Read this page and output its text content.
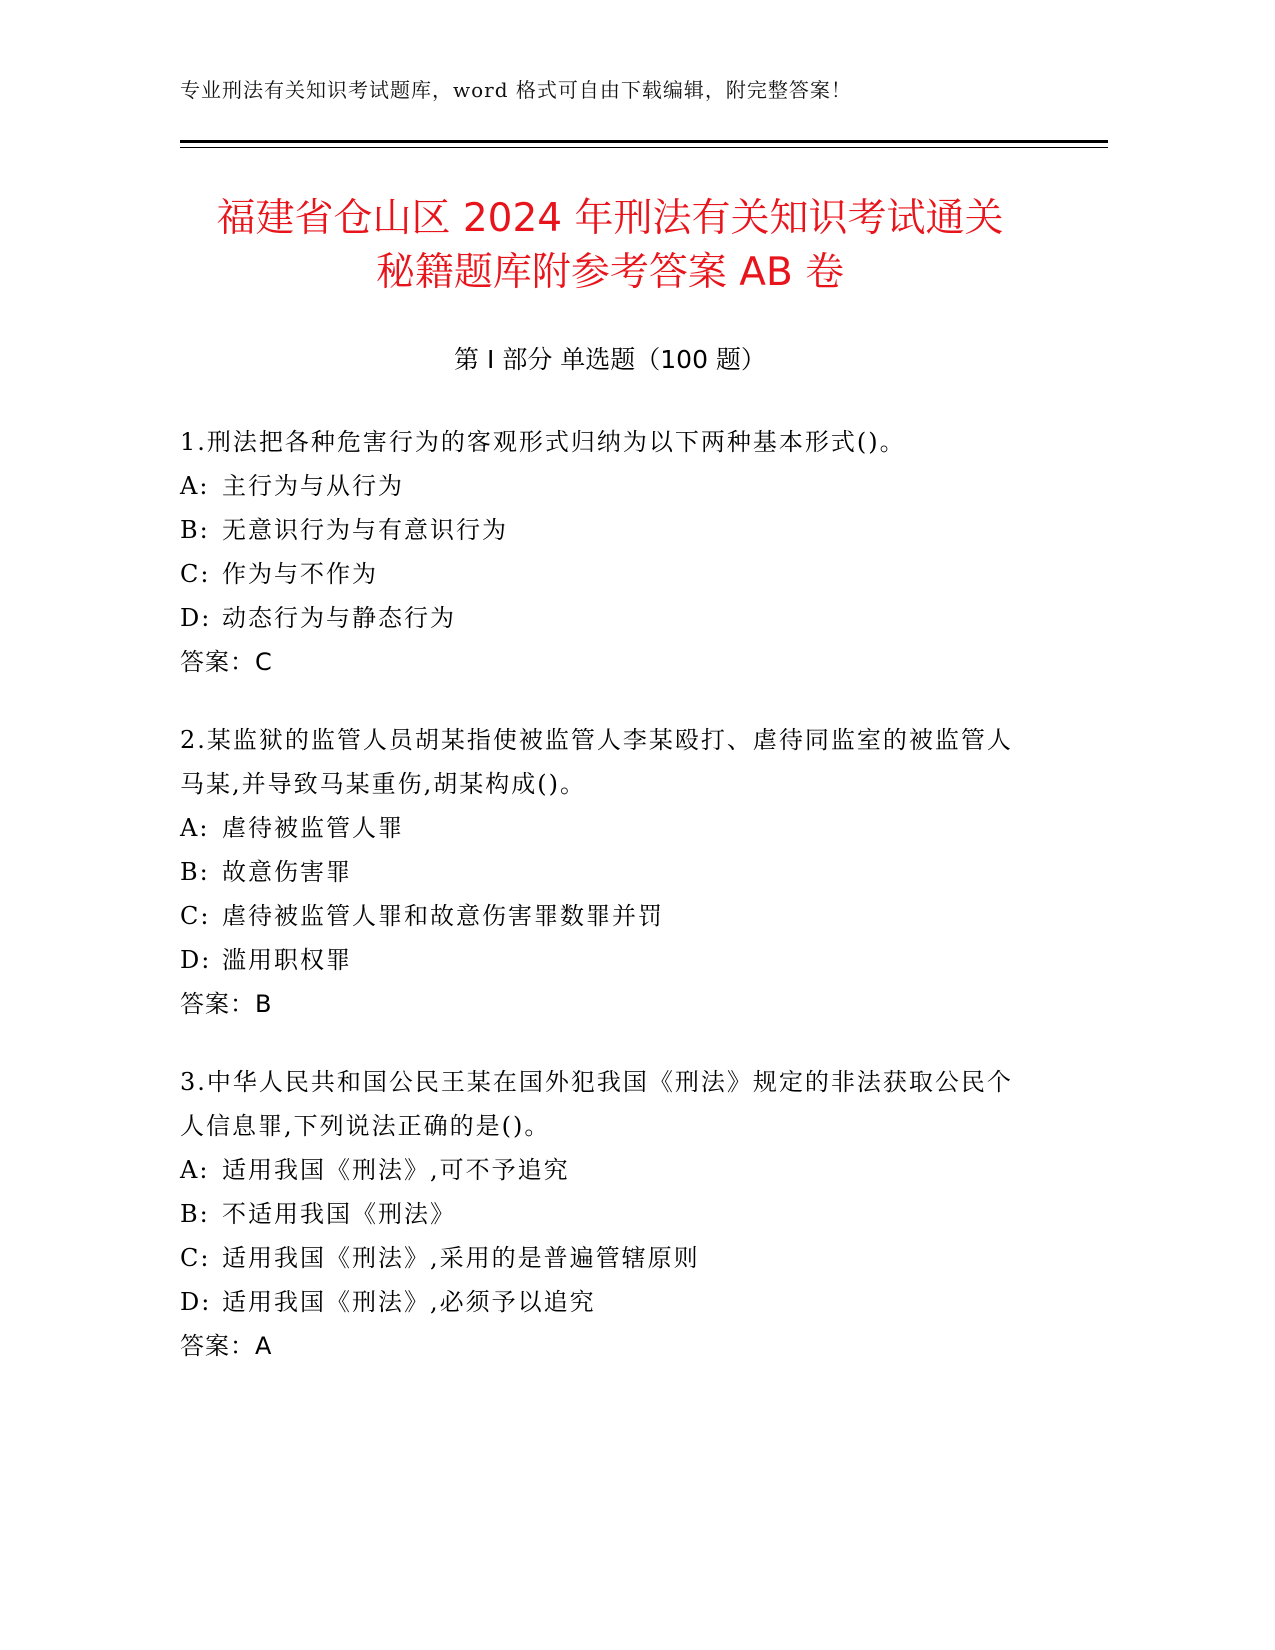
专业刑法有关知识考试题库，word 格式可自由下载编辑，附完整答案！
福建省仓山区 2024 年刑法有关知识考试通关
秘籍题库附参考答案 AB 卷
第 I 部分 单选题（100 题）
1.刑法把各种危害行为的客观形式归纳为以下两种基本形式()。
A: 主行为与从行为
B: 无意识行为与有意识行为
C: 作为与不作为
D: 动态行为与静态行为
答案：C
2.某监狱的监管人员胡某指使被监管人李某殴打、虐待同监室的被监管人马某,并导致马某重伤,胡某构成()。
A: 虐待被监管人罪
B: 故意伤害罪
C: 虐待被监管人罪和故意伤害罪数罪并罚
D: 滥用职权罪
答案：B
3.中华人民共和国公民王某在国外犯我国《刑法》规定的非法获取公民个人信息罪,下列说法正确的是()。
A: 适用我国《刑法》,可不予追究
B: 不适用我国《刑法》
C: 适用我国《刑法》,采用的是普遍管辖原则
D: 适用我国《刑法》,必须予以追究
答案：A
